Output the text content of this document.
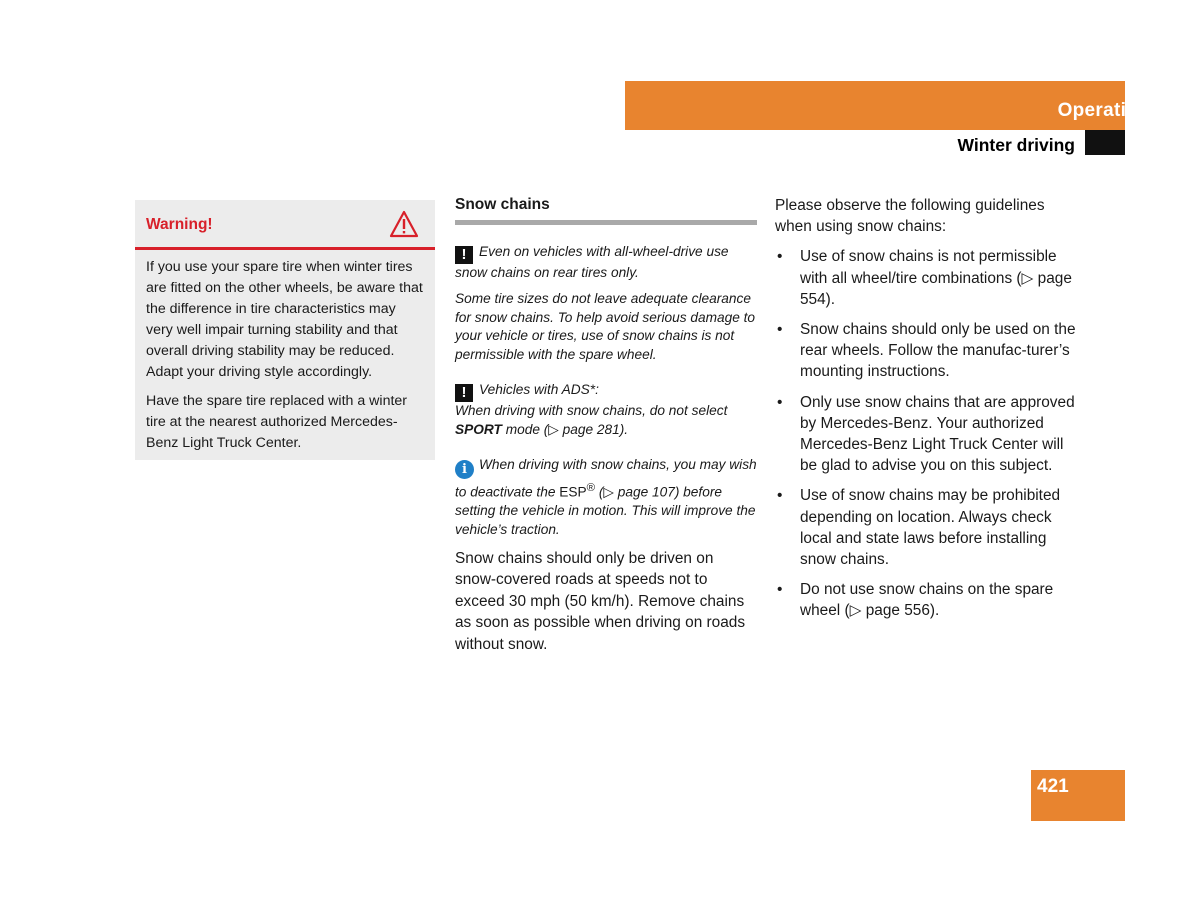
Operation
Winter driving
Warning!

If you use your spare tire when winter tires are fitted on the other wheels, be aware that the difference in tire characteristics may very well impair turning stability and that overall driving stability may be reduced. Adapt your driving style accordingly.

Have the spare tire replaced with a winter tire at the nearest authorized Mercedes-Benz Light Truck Center.

Snow chains

! Even on vehicles with all-wheel-drive use snow chains on rear tires only.

Some tire sizes do not leave adequate clearance for snow chains. To help avoid serious damage to your vehicle or tires, use of snow chains is not permissible with the spare wheel.

! Vehicles with ADS*:
When driving with snow chains, do not select SPORT mode (▷ page 281).

i When driving with snow chains, you may wish to deactivate the ESP® (▷ page 107) before setting the vehicle in motion. This will improve the vehicle’s traction.

Snow chains should only be driven on snow-covered roads at speeds not to exceed 30 mph (50 km/h). Remove chains as soon as possible when driving on roads without snow.
Please observe the following guidelines when using snow chains:
• Use of snow chains is not permissible with all wheel/tire combinations (▷ page 554).
• Snow chains should only be used on the rear wheels. Follow the manufac-turer’s mounting instructions.
• Only use snow chains that are approved by Mercedes-Benz. Your authorized Mercedes-Benz Light Truck Center will be glad to advise you on this subject.
• Use of snow chains may be prohibited depending on location. Always check local and state laws before installing snow chains.
• Do not use snow chains on the spare wheel (▷ page 556).
421
